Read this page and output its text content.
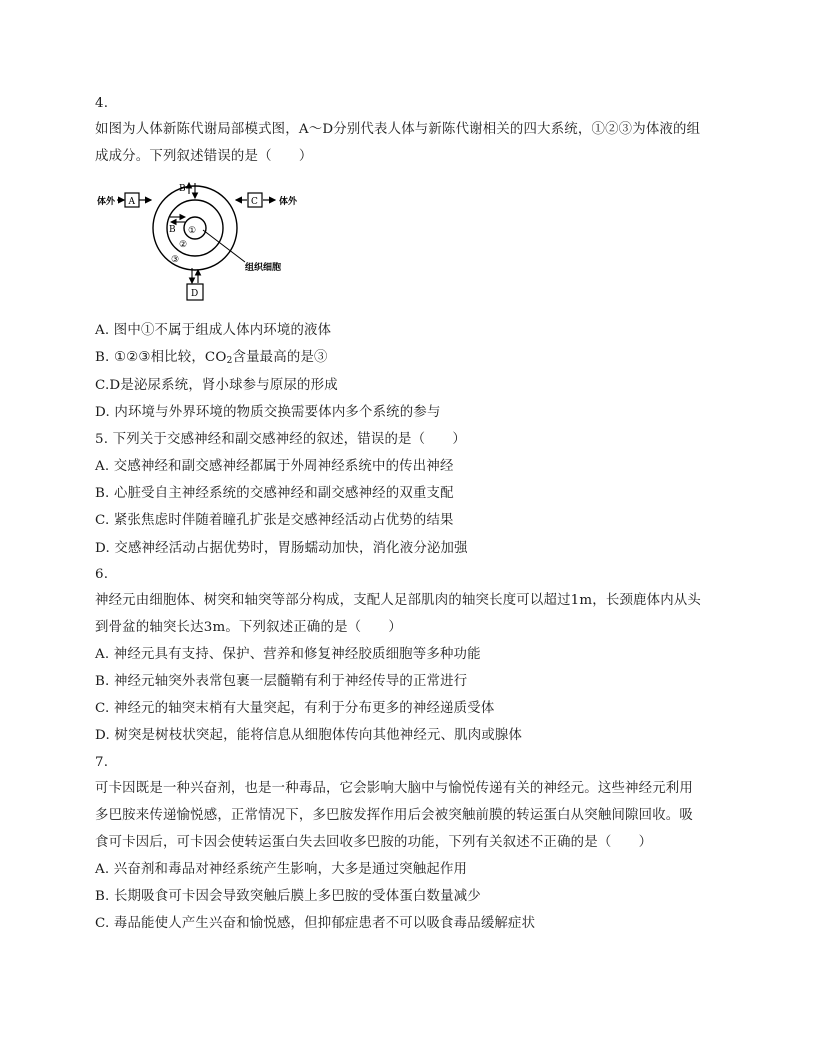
4.
如图为人体新陈代谢局部模式图，A～D分别代表人体与新陈代谢相关的四大系统，①②③为体液的组
成成分。下列叙述错误的是（　　）
体外 A	C 体外
B
B ①
②
③
组织细胞
D
A. 图中①不属于组成人体内环境的液体
B. ①②③相比较，$CO_2$含量最高的是③
C.D是泌尿系统，肾小球参与原尿的形成
D. 内环境与外界环境的物质交换需要体内多个系统的参与
5. 下列关于交感神经和副交感神经的叙述，错误的是（　　）
A. 交感神经和副交感神经都属于外周神经系统中的传出神经
B. 心脏受自主神经系统的交感神经和副交感神经的双重支配
C. 紧张焦虑时伴随着瞳孔扩张是交感神经活动占优势的结果
D. 交感神经活动占据优势时，胃肠蠕动加快，消化液分泌加强
6.
神经元由细胞体、树突和轴突等部分构成，支配人足部肌肉的轴突长度可以超过1m，长颈鹿体内从头
到骨盆的轴突长达3m。下列叙述正确的是（　　）
A. 神经元具有支持、保护、营养和修复神经胶质细胞等多种功能
B. 神经元轴突外表常包裹一层髓鞘有利于神经传导的正常进行
C. 神经元的轴突末梢有大量突起，有利于分布更多的神经递质受体
D. 树突是树枝状突起，能将信息从细胞体传向其他神经元、肌肉或腺体
7.
可卡因既是一种兴奋剂，也是一种毒品，它会影响大脑中与愉悦传递有关的神经元。这些神经元利用
多巴胺来传递愉悦感，正常情况下，多巴胺发挥作用后会被突触前膜的转运蛋白从突触间隙回收。吸
食可卡因后，可卡因会使转运蛋白失去回收多巴胺的功能，下列有关叙述不正确的是（　　）
A. 兴奋剂和毒品对神经系统产生影响，大多是通过突触起作用
B. 长期吸食可卡因会导致突触后膜上多巴胺的受体蛋白数量减少
C. 毒品能使人产生兴奋和愉悦感，但抑郁症患者不可以吸食毒品缓解症状
